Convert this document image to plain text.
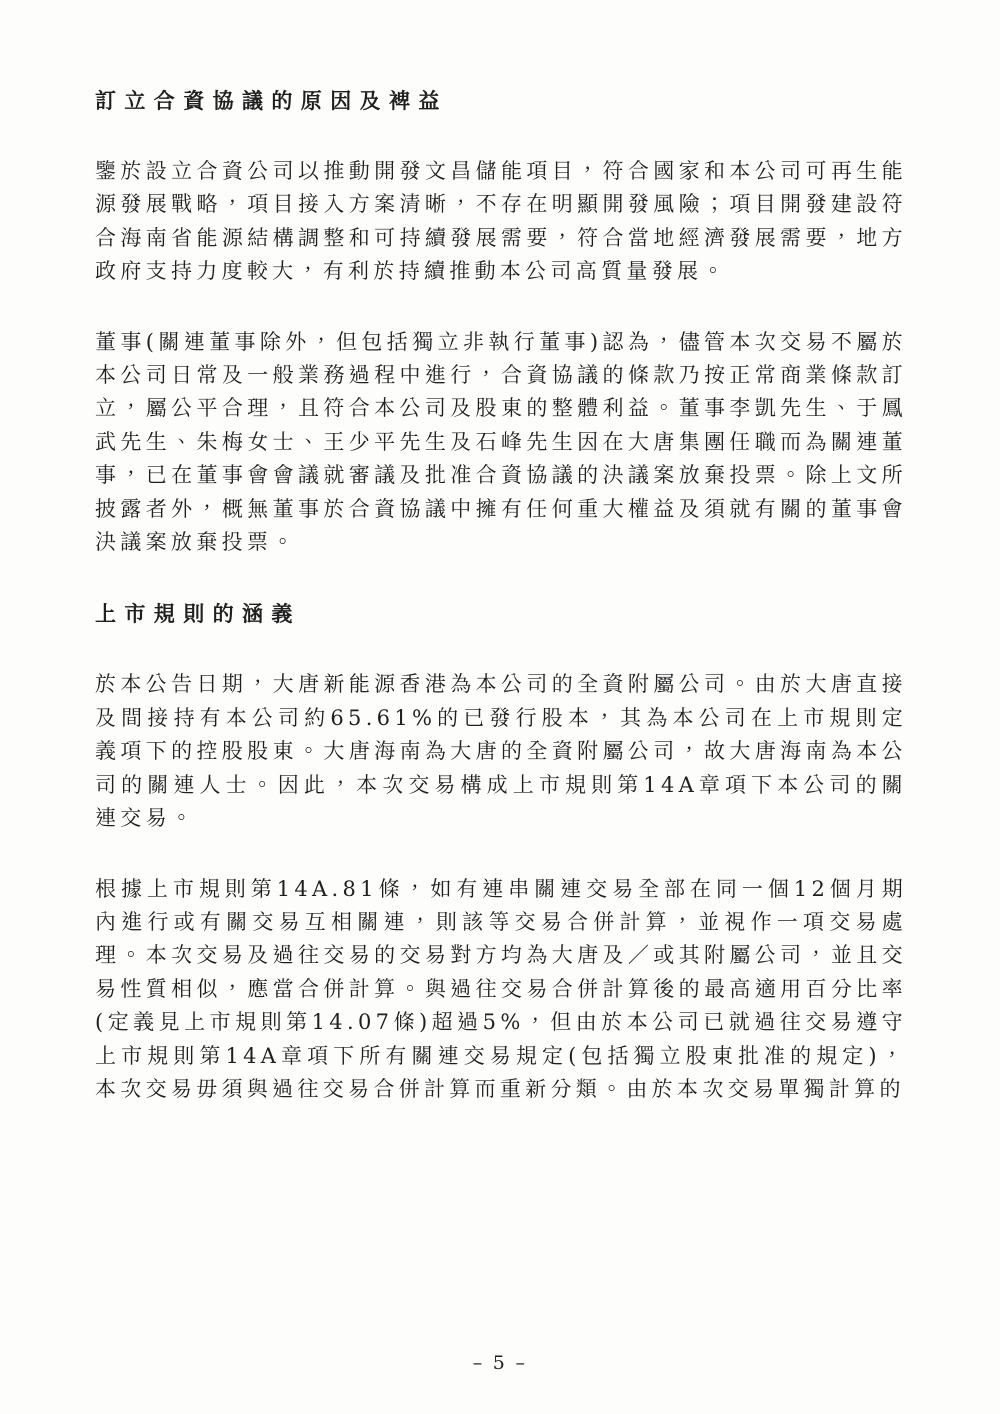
訂立合資協議的原因及裨益

鑒於設立合資公司以推動開發文昌儲能項目，符合國家和本公司可再生能源發展戰略，項目接入方案清晰，不存在明顯開發風險；項目開發建設符合海南省能源結構調整和可持續發展需要，符合當地經濟發展需要，地方政府支持力度較大，有利於持續推動本公司高質量發展。

董事(關連董事除外，但包括獨立非執行董事)認為，儘管本次交易不屬於本公司日常及一般業務過程中進行，合資協議的條款乃按正常商業條款訂立，屬公平合理，且符合本公司及股東的整體利益。董事李凱先生、于鳳武先生、朱梅女士、王少平先生及石峰先生因在大唐集團任職而為關連董事，已在董事會會議就審議及批准合資協議的決議案放棄投票。除上文所披露者外，概無董事於合資協議中擁有任何重大權益及須就有關的董事會決議案放棄投票。

上市規則的涵義

於本公告日期，大唐新能源香港為本公司的全資附屬公司。由於大唐直接及間接持有本公司約65.61%的已發行股本，其為本公司在上市規則定義項下的控股股東。大唐海南為大唐的全資附屬公司，故大唐海南為本公司的關連人士。因此，本次交易構成上市規則第14A章項下本公司的關連交易。

根據上市規則第14A.81條，如有連串關連交易全部在同一個12個月期內進行或有關交易互相關連，則該等交易合併計算，並視作一項交易處理。本次交易及過往交易的交易對方均為大唐及／或其附屬公司，並且交易性質相似，應當合併計算。與過往交易合併計算後的最高適用百分比率(定義見上市規則第14.07條)超過5%，但由於本公司已就過往交易遵守上市規則第14A章項下所有關連交易規定(包括獨立股東批准的規定)，本次交易毋須與過往交易合併計算而重新分類。由於本次交易單獨計算的

– 5 –
